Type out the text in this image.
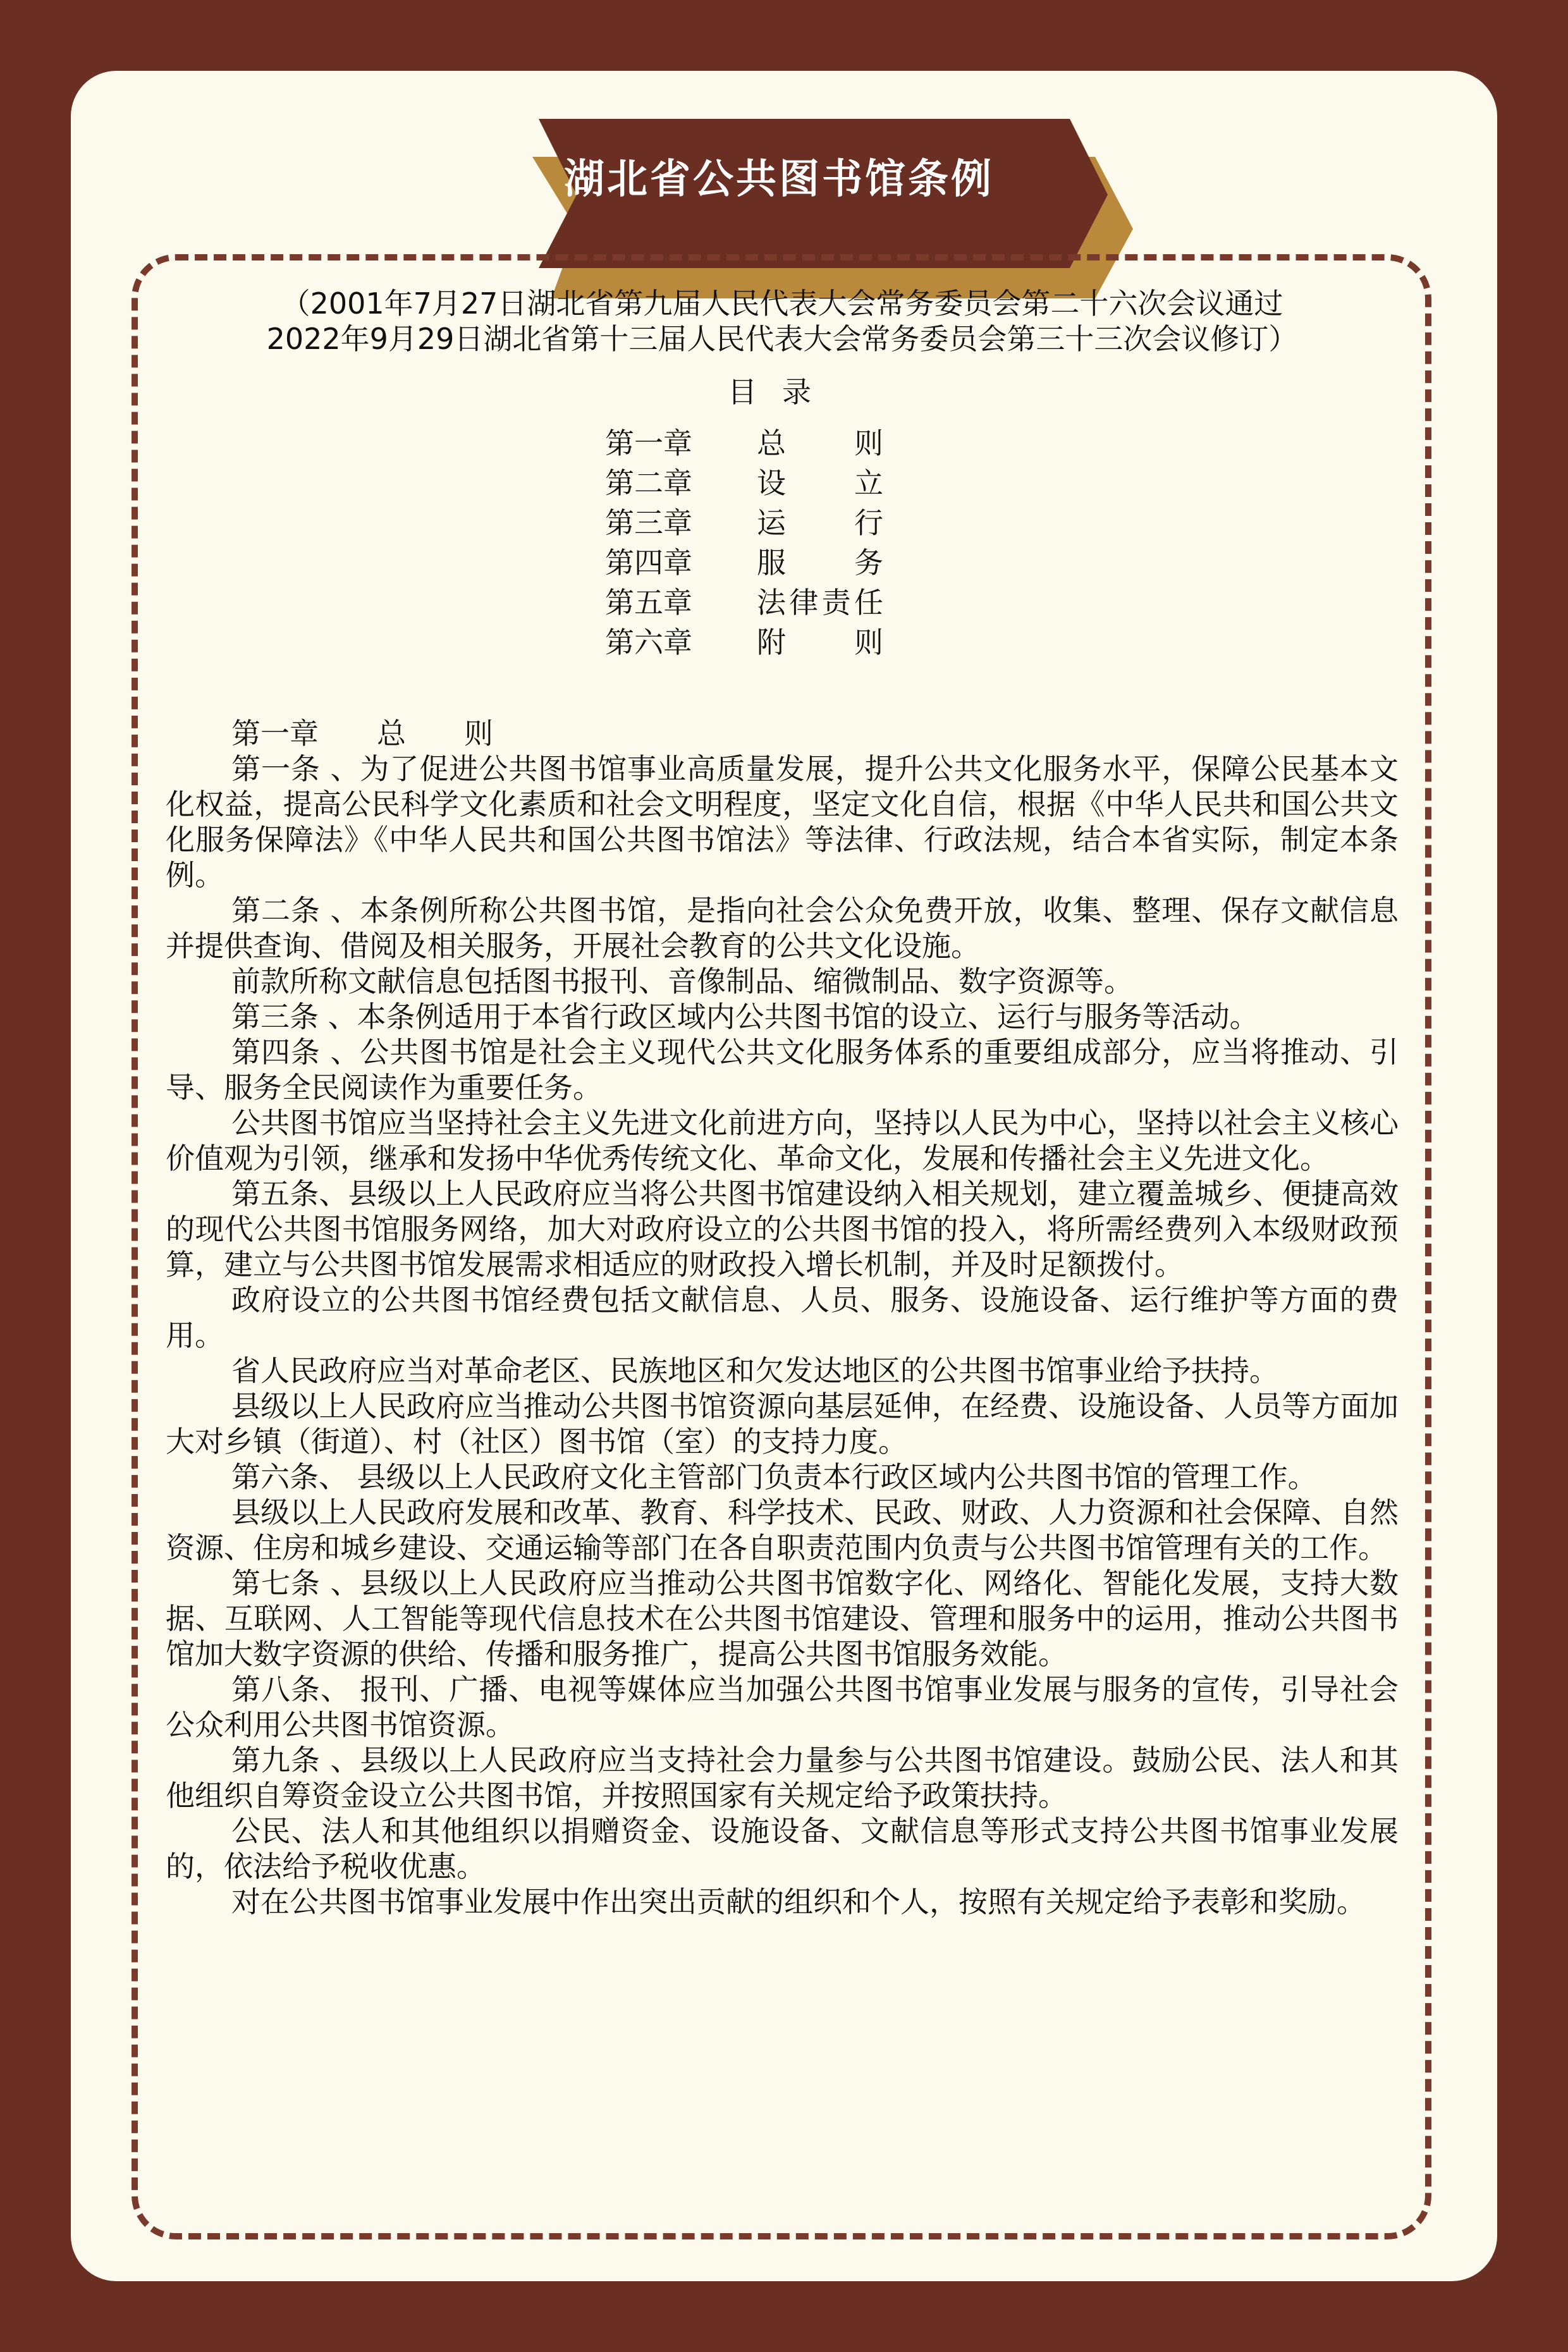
湖北省公共图书馆条例
（2001年7月27日湖北省第九届人民代表大会常务委员会第二十六次会议通过
2022年9月29日湖北省第十三届人民代表大会常务委员会第三十三次会议修订）
目录
第一章	总则
第二章	设立
第三章	运行
第四章	服务
第五章	法律责任
第六章	附则
第一章　　总　　则
第一条 、为了促进公共图书馆事业高质量发展，提升公共文化服务水平，保障公民基本文化权益，提高公民科学文化素质和社会文明程度，坚定文化自信，根据《中华人民共和国公共文化服务保障法》《中华人民共和国公共图书馆法》等法律、行政法规，结合本省实际，制定本条例。
第二条 、本条例所称公共图书馆，是指向社会公众免费开放，收集、整理、保存文献信息并提供查询、借阅及相关服务，开展社会教育的公共文化设施。
前款所称文献信息包括图书报刊、音像制品、缩微制品、数字资源等。
第三条 、本条例适用于本省行政区域内公共图书馆的设立、运行与服务等活动。
第四条 、公共图书馆是社会主义现代公共文化服务体系的重要组成部分，应当将推动、引导、服务全民阅读作为重要任务。
公共图书馆应当坚持社会主义先进文化前进方向，坚持以人民为中心，坚持以社会主义核心价值观为引领，继承和发扬中华优秀传统文化、革命文化，发展和传播社会主义先进文化。
第五条、县级以上人民政府应当将公共图书馆建设纳入相关规划，建立覆盖城乡、便捷高效的现代公共图书馆服务网络，加大对政府设立的公共图书馆的投入，将所需经费列入本级财政预算，建立与公共图书馆发展需求相适应的财政投入增长机制，并及时足额拨付。
政府设立的公共图书馆经费包括文献信息、人员、服务、设施设备、运行维护等方面的费用。
省人民政府应当对革命老区、民族地区和欠发达地区的公共图书馆事业给予扶持。
县级以上人民政府应当推动公共图书馆资源向基层延伸，在经费、设施设备、人员等方面加大对乡镇（街道）、村（社区）图书馆（室）的支持力度。
第六条、 县级以上人民政府文化主管部门负责本行政区域内公共图书馆的管理工作。
县级以上人民政府发展和改革、教育、科学技术、民政、财政、人力资源和社会保障、自然资源、住房和城乡建设、交通运输等部门在各自职责范围内负责与公共图书馆管理有关的工作。
第七条 、县级以上人民政府应当推动公共图书馆数字化、网络化、智能化发展，支持大数据、互联网、人工智能等现代信息技术在公共图书馆建设、管理和服务中的运用，推动公共图书馆加大数字资源的供给、传播和服务推广，提高公共图书馆服务效能。
第八条、 报刊、广播、电视等媒体应当加强公共图书馆事业发展与服务的宣传，引导社会公众利用公共图书馆资源。
第九条 、县级以上人民政府应当支持社会力量参与公共图书馆建设。鼓励公民、法人和其他组织自筹资金设立公共图书馆，并按照国家有关规定给予政策扶持。
公民、法人和其他组织以捐赠资金、设施设备、文献信息等形式支持公共图书馆事业发展的，依法给予税收优惠。
对在公共图书馆事业发展中作出突出贡献的组织和个人，按照有关规定给予表彰和奖励。
